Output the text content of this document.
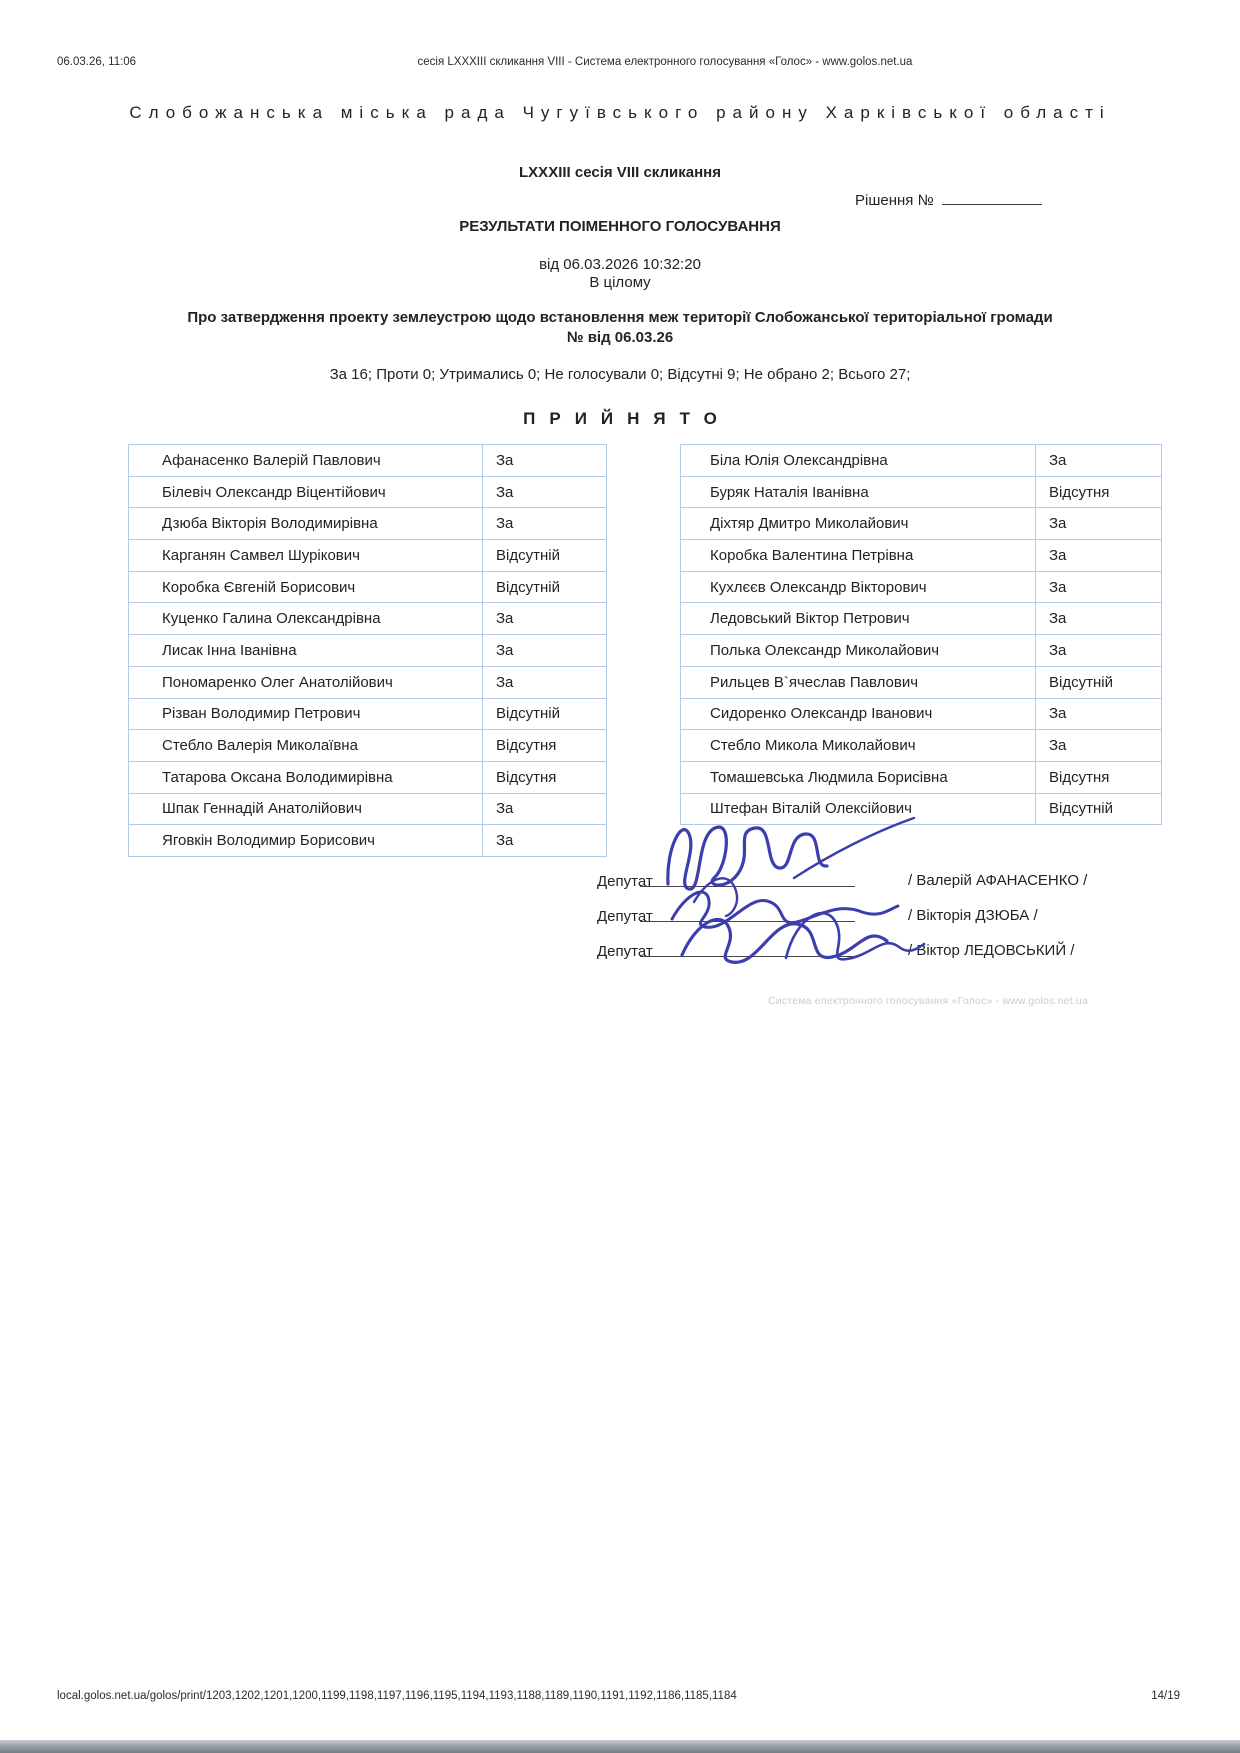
06.03.26, 11:06	сесія LXXXIII скликання VIII - Система електронного голосування «Голос» - www.golos.net.ua
Слобожанська міська рада Чугуївського району Харківської області
LXXXIII сесія VIII скликання
Рішення №
РЕЗУЛЬТАТИ ПОІМЕННОГО ГОЛОСУВАННЯ
від 06.03.2026 10:32:20
В цілому
Про затвердження проекту землеустрою щодо встановлення меж території Слобожанської територіальної громади
№ від 06.03.26
За 16; Проти 0; Утримались 0; Не голосували 0; Відсутні 9; Не обрано 2; Всього 27;
ПРИЙНЯТО
Афанасенко Валерій Павлович	За
Білевіч Олександр Віцентійович	За
Дзюба Вікторія Володимирівна	За
Карганян Самвел Шурікович	Відсутній
Коробка Євгеній Борисович	Відсутній
Куценко Галина Олександрівна	За
Лисак Інна Іванівна	За
Пономаренко Олег Анатолійович	За
Різван Володимир Петрович	Відсутній
Стебло Валерія Миколаївна	Відсутня
Татарова Оксана Володимирівна	Відсутня
Шпак Геннадій Анатолійович	За
Яговкін Володимир Борисович	За
Біла Юлія Олександрівна	За
Буряк Наталія Іванівна	Відсутня
Діхтяр Дмитро Миколайович	За
Коробка Валентина Петрівна	За
Кухлєєв Олександр Вікторович	За
Ледовський Віктор Петрович	За
Полька Олександр Миколайович	За
Рильцев В`ячеслав Павлович	Відсутній
Сидоренко Олександр Іванович	За
Стебло Микола Миколайович	За
Томашевська Людмила Борисівна	Відсутня
Штефан Віталій Олексійович	Відсутній
Депутат	/ Валерій АФАНАСЕНКО /
Депутат	/ Вікторія ДЗЮБА /
Депутат	/ Віктор ЛЕДОВСЬКИЙ /
Система електронного голосування «Голос» - www.golos.net.ua
local.golos.net.ua/golos/print/1203,1202,1201,1200,1199,1198,1197,1196,1195,1194,1193,1188,1189,1190,1191,1192,1186,1185,1184	14/19
